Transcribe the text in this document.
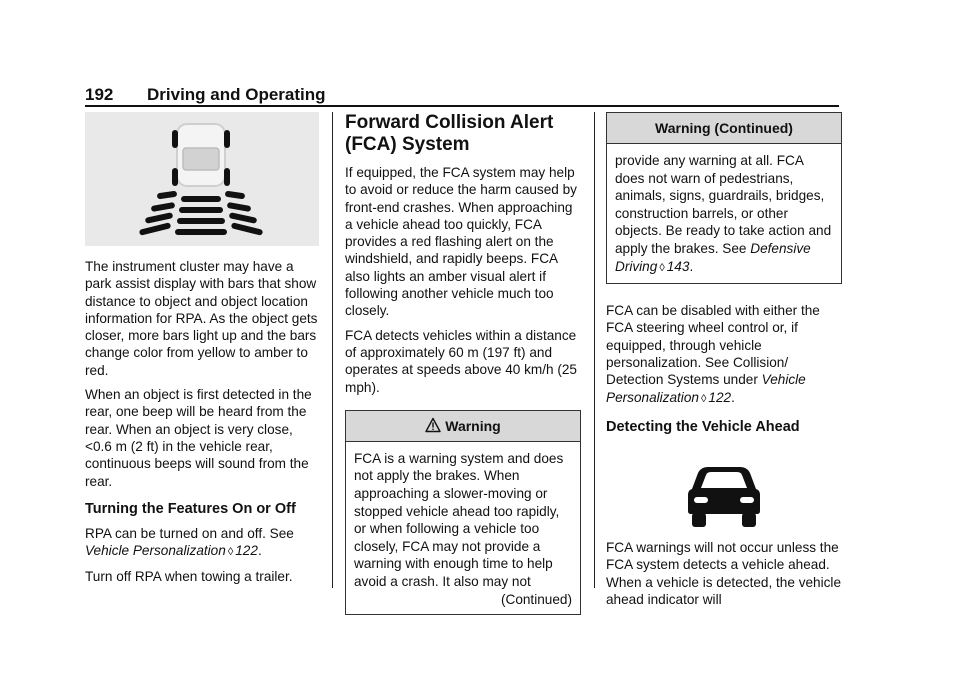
192 Driving and Operating

The instrument cluster may have a park assist display with bars that show distance to object and object location information for RPA. As the object gets closer, more bars light up and the bars change color from yellow to amber to red.

When an object is first detected in the rear, one beep will be heard from the rear. When an object is very close, <0.6 m (2 ft) in the vehicle rear, continuous beeps will sound from the rear.

Turning the Features On or Off

RPA can be turned on and off. See Vehicle Personalization ◊ 122.

Turn off RPA when towing a trailer.

Forward Collision Alert (FCA) System

If equipped, the FCA system may help to avoid or reduce the harm caused by front-end crashes. When approaching a vehicle ahead too quickly, FCA provides a red flashing alert on the windshield, and rapidly beeps. FCA also lights an amber visual alert if following another vehicle much too closely.

FCA detects vehicles within a distance of approximately 60 m (197 ft) and operates at speeds above 40 km/h (25 mph).

Warning
FCA is a warning system and does not apply the brakes. When approaching a slower-moving or stopped vehicle ahead too rapidly, or when following a vehicle too closely, FCA may not provide a warning with enough time to help avoid a crash. It also may not
(Continued)
Warning (Continued)
provide any warning at all. FCA does not warn of pedestrians, animals, signs, guardrails, bridges, construction barrels, or other objects. Be ready to take action and apply the brakes. See Defensive Driving ◊ 143.

FCA can be disabled with either the FCA steering wheel control or, if equipped, through vehicle personalization. See Collision/ Detection Systems under Vehicle Personalization ◊ 122.

Detecting the Vehicle Ahead

FCA warnings will not occur unless the FCA system detects a vehicle ahead. When a vehicle is detected, the vehicle ahead indicator will
